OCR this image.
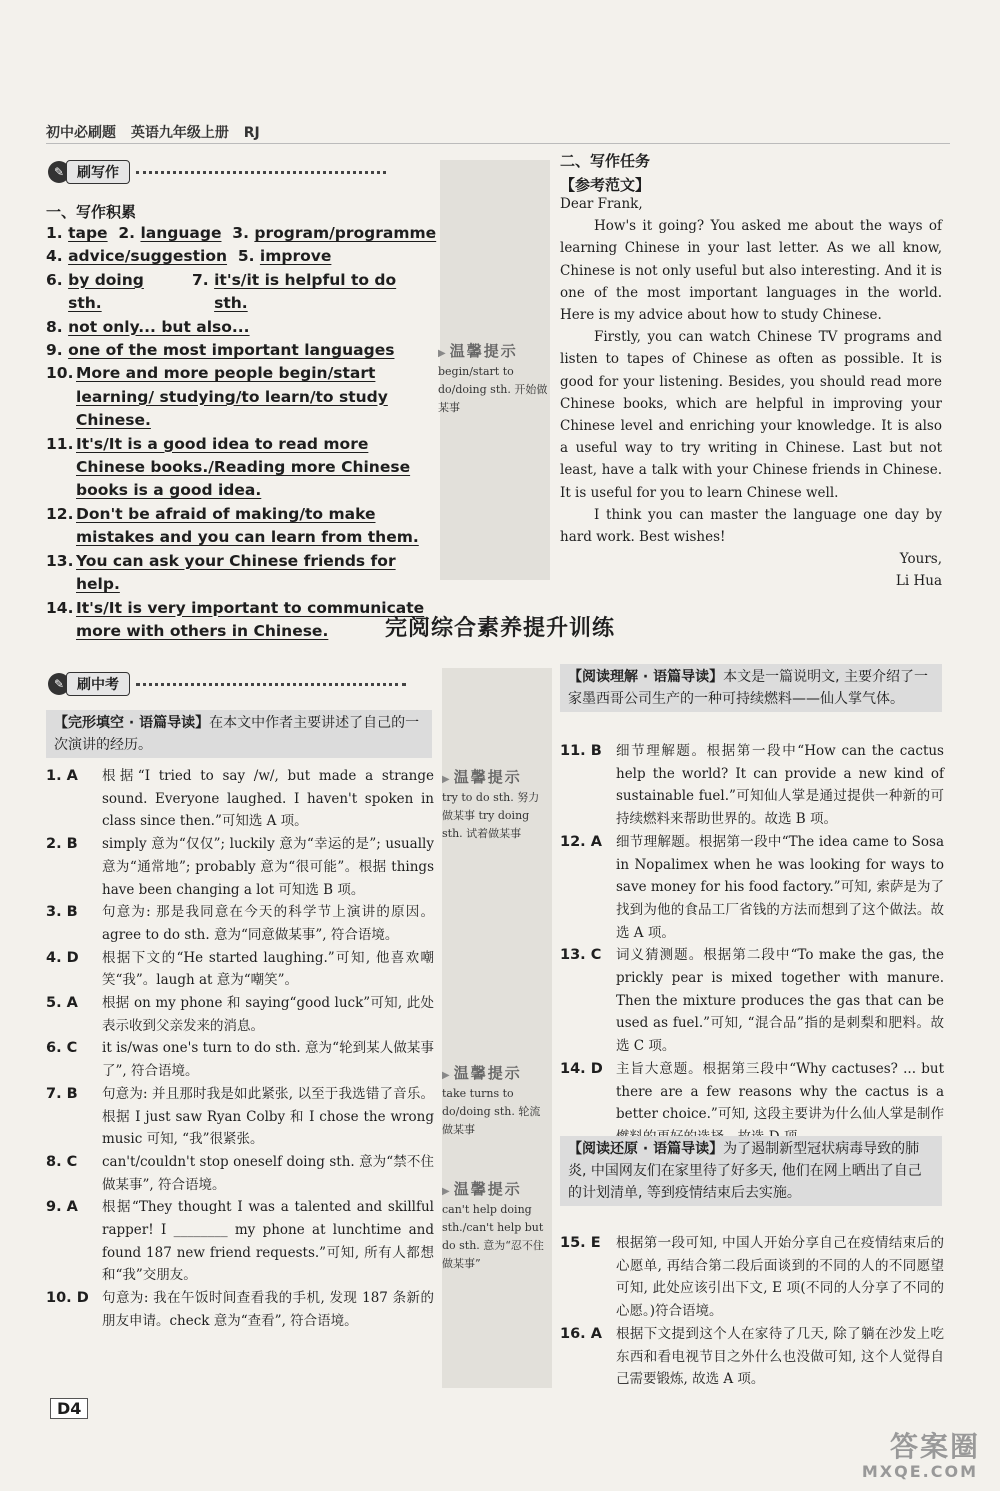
初中必刷题 英语九年级上册 RJ
✎ 刷写作
一、写作积累
1.
tape
2.
language
3.
program/programme
4.
advice/suggestion
5.
improve
6.
by doing sth.

7.
it's/it is helpful to do sth.
8.
not only... but also...
9.
one of the most important languages
10. More and more people begin/start learning/ studying/to learn/to study Chinese.
11. It's/It is a good idea to read more Chinese books./Reading more Chinese books is a good idea.
12. Don't be afraid of making/to make mistakes and you can learn from them.
13. You can ask your Chinese friends for help.
14. It's/It is very important to communicate more with others in Chinese.
▶ 温馨提示
begin/start to do/doing sth. 开始做某事
二、写作任务
【参考范文】
Dear Frank,

How's it going? You asked me about the ways of learning Chinese in your last letter. As we all know, Chinese is not only useful but also interesting. And it is one of the most important languages in the world. Here is my advice about how to study Chinese.

Firstly, you can watch Chinese TV programs and listen to tapes of Chinese as often as possible. It is good for your listening. Besides, you should read more Chinese books, which are helpful in improving your Chinese level and enriching your knowledge. It is also a useful way to try writing in Chinese. Last but not least, have a talk with your Chinese friends in Chinese. It is useful for you to learn Chinese well.

I think you can master the language one day by hard work. Best wishes!

Yours,
Li Hua
完阅综合素养提升训练
✎ 刷中考
【完形填空 · 语篇导读】在本文中作者主要讲述了自己的一次演讲的经历。
1. A	根据“I tried to say /w/, but made a strange sound. Everyone laughed. I haven't spoken in class since then.”可知选 A 项。
2. B	simply 意为“仅仅”; luckily 意为“幸运的是”; usually 意为“通常地”; probably 意为“很可能”。根据 things have been changing a lot 可知选 B 项。
3. B	句意为: 那是我同意在今天的科学节上演讲的原因。agree to do sth. 意为“同意做某事”, 符合语境。
4. D	根据下文的“He started laughing.”可知, 他喜欢嘲笑“我”。laugh at 意为“嘲笑”。
5. A	根据 on my phone 和 saying“good luck”可知, 此处表示收到父亲发来的消息。
6. C	it is/was one's turn to do sth. 意为“轮到某人做某事了”, 符合语境。
7. B	句意为: 并且那时我是如此紧张, 以至于我选错了音乐。根据 I just saw Ryan Colby 和 I chose the wrong music 可知, “我”很紧张。
8. C	can't/couldn't stop oneself doing sth. 意为“禁不住做某事”, 符合语境。
9. A	根据“They thought I was a talented and skillful rapper! I ________ my phone at lunchtime and found 187 new friend requests.”可知, 所有人都想和“我”交朋友。
10. D 句意为: 我在午饭时间查看我的手机, 发现 187 条新的朋友申请。check 意为“查看”, 符合语境。
▶ 温馨提示
try to do sth. 努力做某事 try doing sth. 试着做某事
▶ 温馨提示
take turns to do/doing sth. 轮流做某事
▶ 温馨提示
can't help doing sth./can't help but do sth. 意为“忍不住做某事”
【阅读理解 · 语篇导读】本文是一篇说明文, 主要介绍了一家墨西哥公司生产的一种可持续燃料——仙人掌气体。
11. B	细节理解题。根据第一段中“How can the cactus help the world? It can provide a new kind of sustainable fuel.”可知仙人掌是通过提供一种新的可持续燃料来帮助世界的。故选 B 项。
12. A	细节理解题。根据第一段中“The idea came to Sosa in Nopalimex when he was looking for ways to save money for his food factory.”可知, 索萨是为了找到为他的食品工厂省钱的方法而想到了这个做法。故选 A 项。
13. C	词义猜测题。根据第二段中“To make the gas, the prickly pear is mixed together with manure. Then the mixture produces the gas that can be used as fuel.”可知, “混合品”指的是刺梨和肥料。故选 C 项。
14. D 主旨大意题。根据第三段中“Why cactuses? ... but there are a few reasons why the cactus is a better choice.”可知, 这段主要讲为什么仙人掌是制作
【阅读还原 · 语篇导读】为了遏制新型冠状病毒导致的肺炎, 中国网友们在家里待了好多天, 他们在网上晒出了自己的计划清单, 等到疫情结束后去实施。
15. E	根据第一段可知, 中国人开始分享自己在疫情结束后的心愿单, 再结合第二段后面谈到的不同的人的不同愿望可知, 此处应该引出下文, E 项(不同的人分享了不同的心愿。)符合语境。
16. A	根据下文提到这个人在家待了几天, 除了躺在沙发上吃东西和看电视节目之外什么也没做可知, 这个人觉得自己需要锻炼, 故选 A 项。
D4
答案圈
MXQE.COM
